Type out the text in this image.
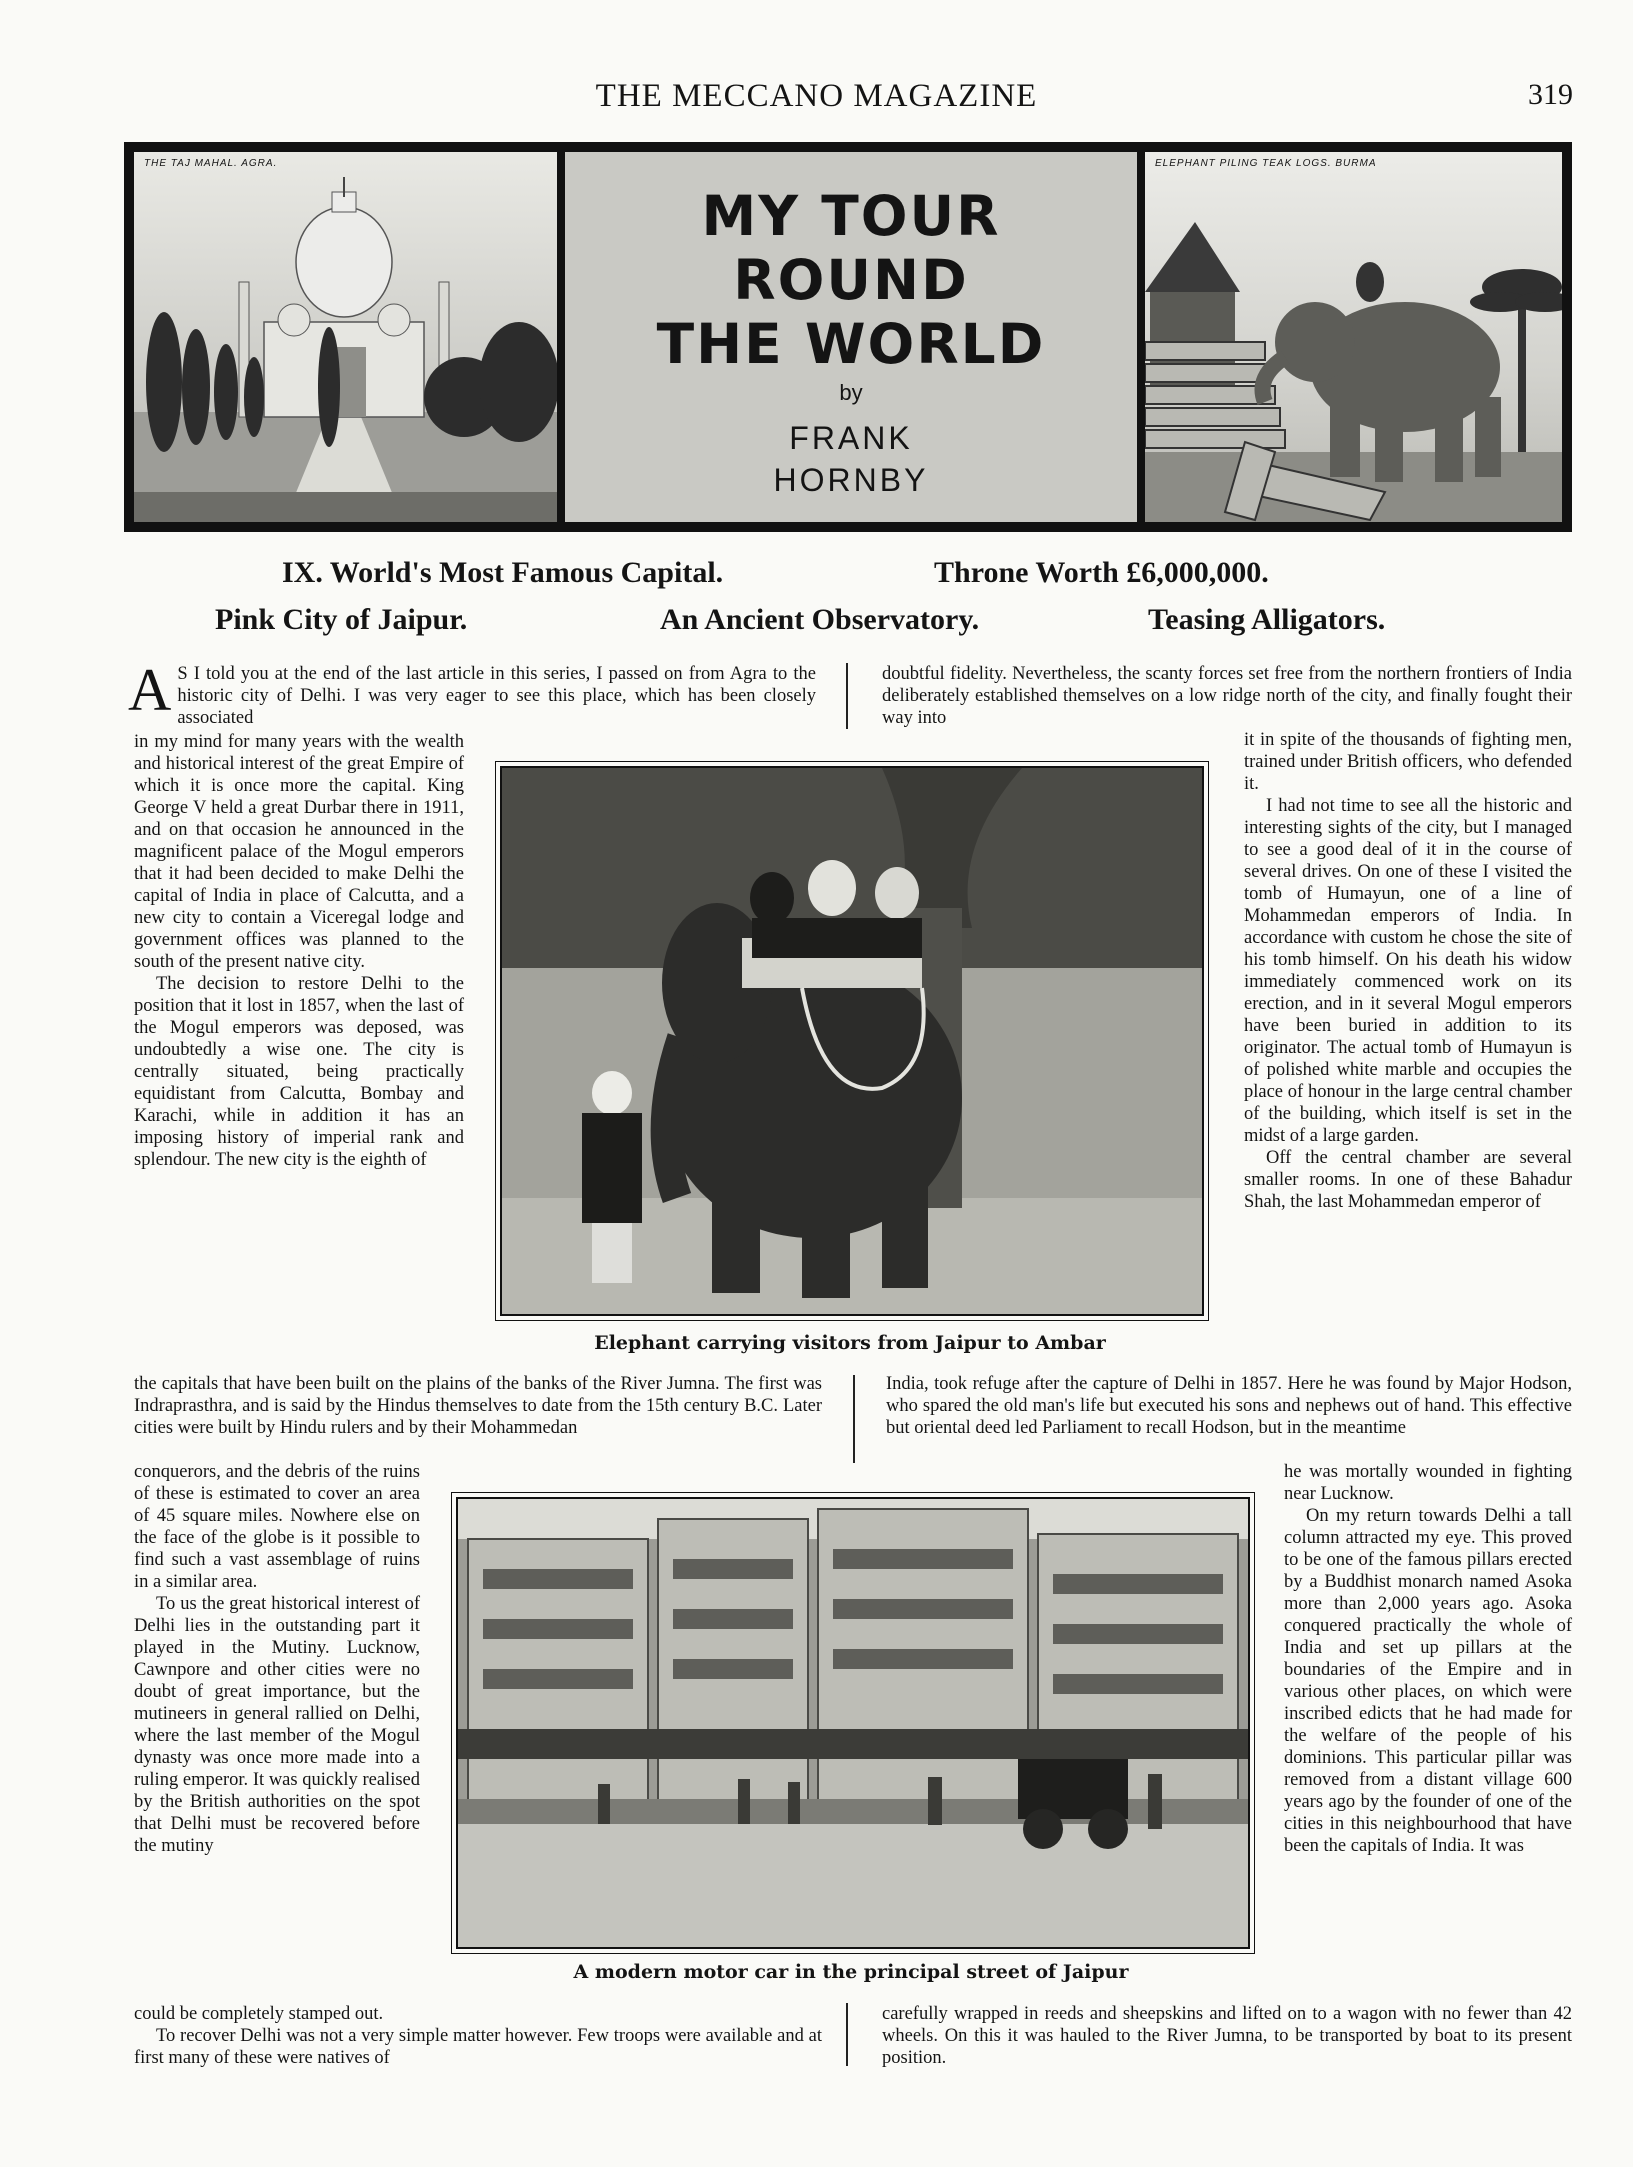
THE MECCANO MAGAZINE	319
THE TAJ MAHAL. AGRA.
MY TOUR
ROUND
THE WORLD
by
FRANK
HORNBY
ELEPHANT PILING TEAK LOGS. BURMA
IX. World's Most Famous Capital.	Throne Worth £6,000,000.
Pink City of Jaipur.	An Ancient Observatory.	Teasing Alligators.
A S I told you at the end of the last article in this series, I passed on from Agra to the historic city of Delhi. I was very eager to see this place, which has been closely associated

in my mind for many years with the wealth and historical interest of the great Empire of which it is once more the capital. King George V held a great Durbar there in 1911, and on that occasion he announced in the magnificent palace of the Mogul emperors that it had been decided to make Delhi the capital of India in place of Calcutta, and a new city to contain a Viceregal lodge and government offices was planned to the south of the present native city.

The decision to restore Delhi to the position that it lost in 1857, when the last of the Mogul emperors was deposed, was undoubtedly a wise one. The city is centrally situated, being practically equidistant from Calcutta, Bombay and Karachi, while in addition it has an imposing history of imperial rank and splendour. The new city is the eighth of

the capitals that have been built on the plains of the banks of the River Jumna. The first was Indraprasthra, and is said by the Hindus themselves to date from the 15th century B.C. Later cities were built by Hindu rulers and by their Mohammedan

conquerors, and the debris of the ruins of these is estimated to cover an area of 45 square miles. Nowhere else on the face of the globe is it possible to find such a vast assemblage of ruins in a similar area.

To us the great historical interest of Delhi lies in the outstanding part it played in the Mutiny. Lucknow, Cawnpore and other cities were no doubt of great importance, but the mutineers in general rallied on Delhi, where the last member of the Mogul dynasty was once more made into a ruling emperor. It was quickly realised by the British authorities on the spot that Delhi must be recovered before the mutiny

could be completely stamped out.

To recover Delhi was not a very simple matter however. Few troops were available and at first many of these were natives of

doubtful fidelity. Nevertheless, the scanty forces set free from the northern frontiers of India deliberately established themselves on a low ridge north of the city, and finally fought their way into

it in spite of the thousands of fighting men, trained under British officers, who defended it.

I had not time to see all the historic and interesting sights of the city, but I managed to see a good deal of it in the course of several drives. On one of these I visited the tomb of Humayun, one of a line of Mohammedan emperors of India. In accordance with custom he chose the site of his tomb himself. On his death his widow immediately commenced work on its erection, and in it several Mogul emperors have been buried in addition to its originator. The actual tomb of Humayun is of polished white marble and occupies the place of honour in the large central chamber of the building, which itself is set in the midst of a large garden.

Off the central chamber are several smaller rooms. In one of these Bahadur Shah, the last Mohammedan emperor of

India, took refuge after the capture of Delhi in 1857. Here he was found by Major Hodson, who spared the old man's life but executed his sons and nephews out of hand. This effective but oriental deed led Parliament to recall Hodson, but in the meantime

he was mortally wounded in fighting near Lucknow.

On my return towards Delhi a tall column attracted my eye. This proved to be one of the famous pillars erected by a Buddhist monarch named Asoka more than 2,000 years ago. Asoka conquered practically the whole of India and set up pillars at the boundaries of the Empire and in various other places, on which were inscribed edicts that he had made for the welfare of the people of his dominions. This particular pillar was removed from a distant village 600 years ago by the founder of one of the cities in this neighbourhood that have been the capitals of India. It was

carefully wrapped in reeds and sheepskins and lifted on to a wagon with no fewer than 42 wheels. On this it was hauled to the River Jumna, to be transported by boat to its present position.

Elephant carrying visitors from Jaipur to Ambar
A modern motor car in the principal street of Jaipur
